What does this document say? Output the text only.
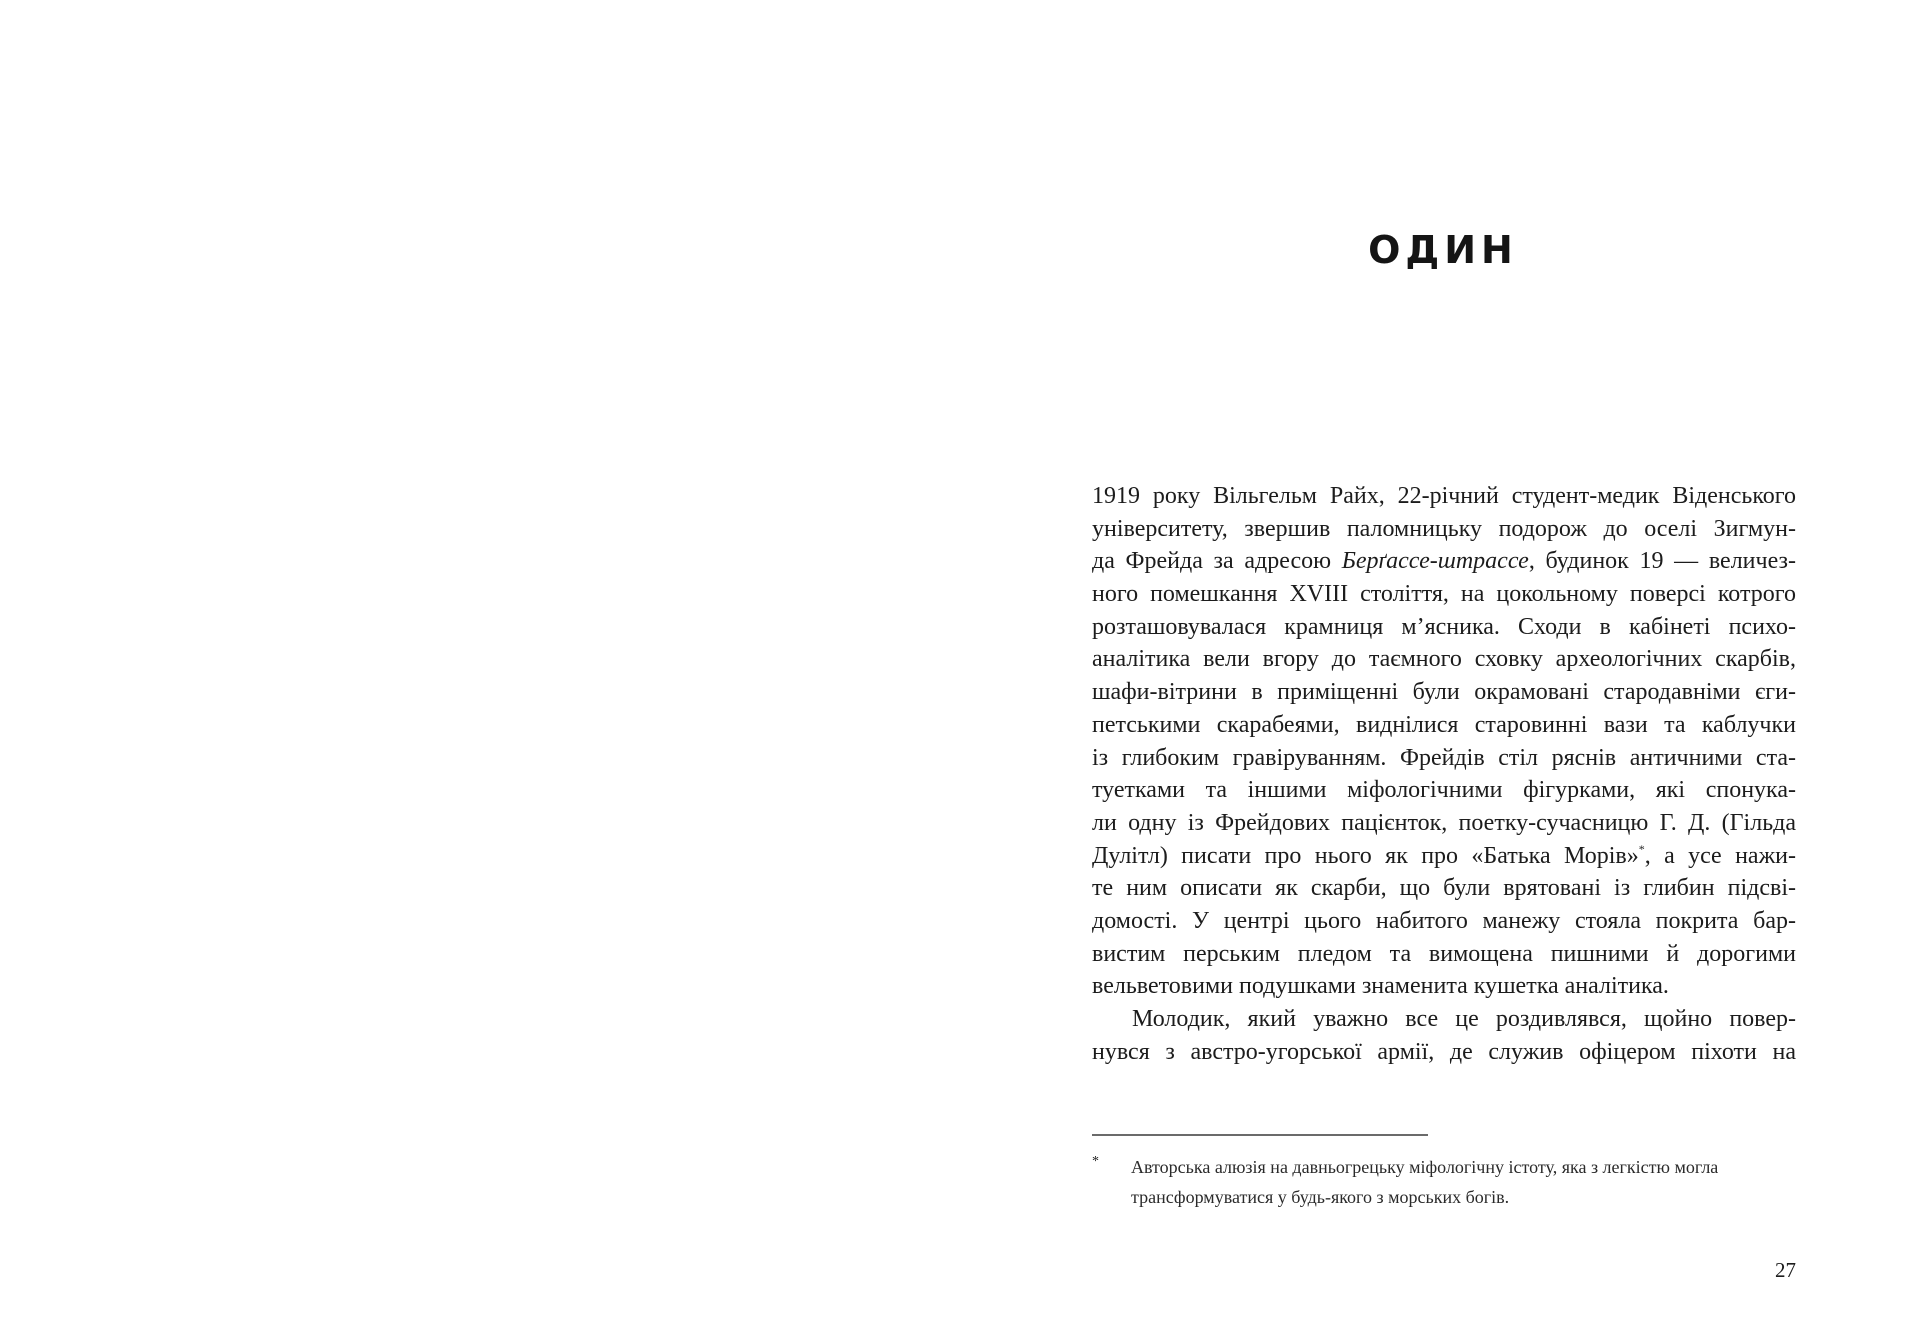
ОДИН
1919 року Вільгельм Райх, 22-річний студент-медик Віденського
університету, звершив паломницьку подорож до оселі Зигмун-
да Фрейда за адресою Берґассе-штрассе, будинок 19 — величез-
ного помешкання XVIII століття, на цокольному поверсі котрого
розташовувалася крамниця м’ясника. Сходи в кабінеті психо-
аналітика вели вгору до таємного сховку археологічних скарбів,
шафи-вітрини в приміщенні були окрамовані стародавніми єги-
петськими скарабеями, виднілися старовинні вази та каблучки
із глибоким гравіруванням. Фрейдів стіл ряснів античними ста-
туетками та іншими міфологічними фігурками, які спонука-
ли одну із Фрейдових пацієнток, поетку-сучасницю Г. Д. (Гільда
Дулітл) писати про нього як про «Батька Морів»*, а усе нажи-
те ним описати як скарби, що були врятовані із глибин підсві-
домості. У центрі цього набитого манежу стояла покрита бар-
вистим перським пледом та вимощена пишними й дорогими
вельветовими подушками знаменита кушетка аналітика.
Молодик, який уважно все це роздивлявся, щойно повер-
нувся з австро-угорської армії, де служив офіцером піхоти на
* Авторська алюзія на давньогрецьку міфологічну істоту, яка з легкістю могла трансформуватися у будь-якого з морських богів.
27
